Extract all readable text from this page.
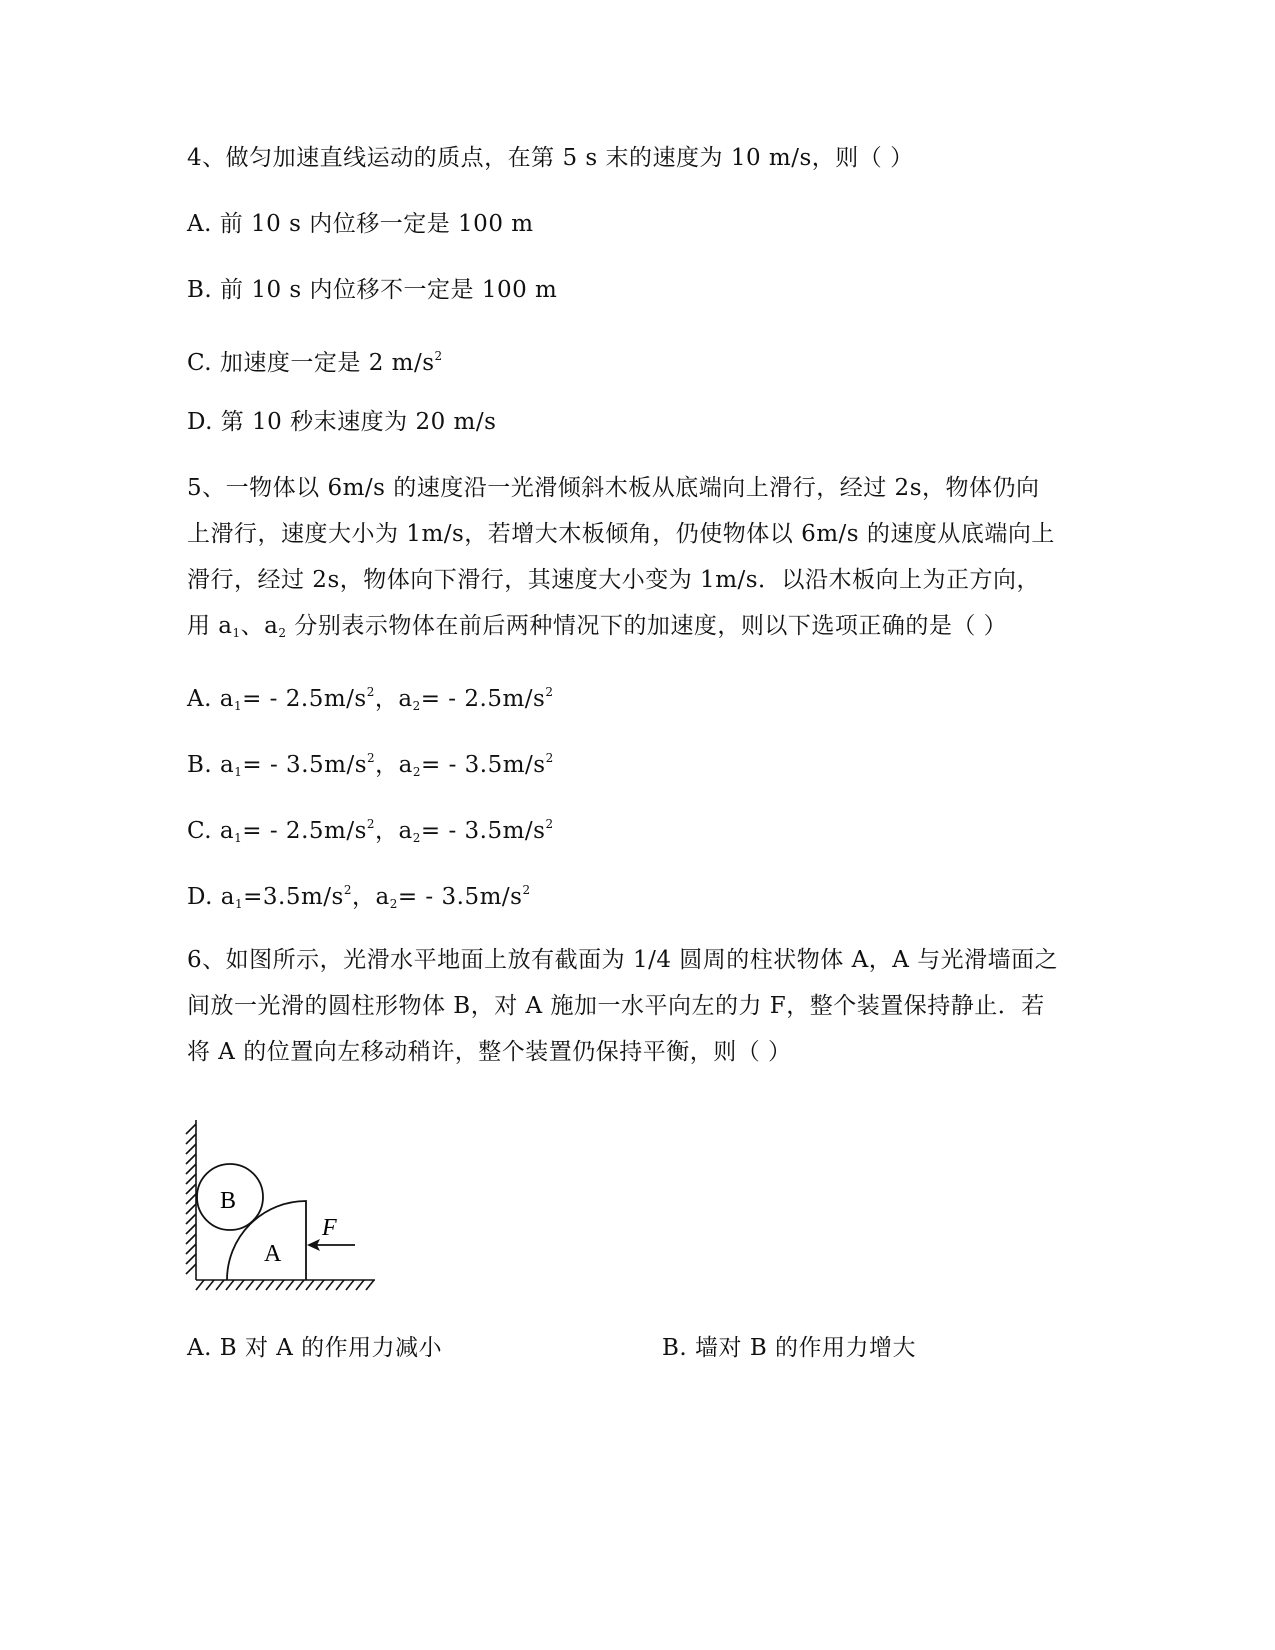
4、做匀加速直线运动的质点，在第 5 s 末的速度为 10 m/s，则（ ）
A. 前 10 s 内位移一定是 100 m
B. 前 10 s 内位移不一定是 100 m
C. 加速度一定是 2 $m/s^2$
D. 第 10 秒末速度为 20 m/s
5、一物体以 6m/s 的速度沿一光滑倾斜木板从底端向上滑行，经过 2s，物体仍向
上滑行，速度大小为 1m/s，若增大木板倾角，仍使物体以 6m/s 的速度从底端向上
滑行，经过 2s，物体向下滑行，其速度大小变为 1m/s．以沿木板向上为正方向，
用 $a_1$、$a_2$ 分别表示物体在前后两种情况下的加速度，则以下选项正确的是（ ）
A. $a_1= - 2.5m/s^2$，$a_2= - 2.5m/s^2$
B. $a_1= - 3.5m/s^2$，$a_2= - 3.5m/s^2$
C. $a_1= - 2.5m/s^2$，$a_2= - 3.5m/s^2$
D. $a_1=3.5m/s^2$，$a_2= - 3.5m/s^2$
6、如图所示，光滑水平地面上放有截面为 1/4 圆周的柱状物体 A，A 与光滑墙面之
间放一光滑的圆柱形物体 B，对 A 施加一水平向左的力 F，整个装置保持静止．若
将 A 的位置向左移动稍许，整个装置仍保持平衡，则（ ）
B
A
F
A. B 对 A 的作用力减小	B. 墙对 B 的作用力增大
